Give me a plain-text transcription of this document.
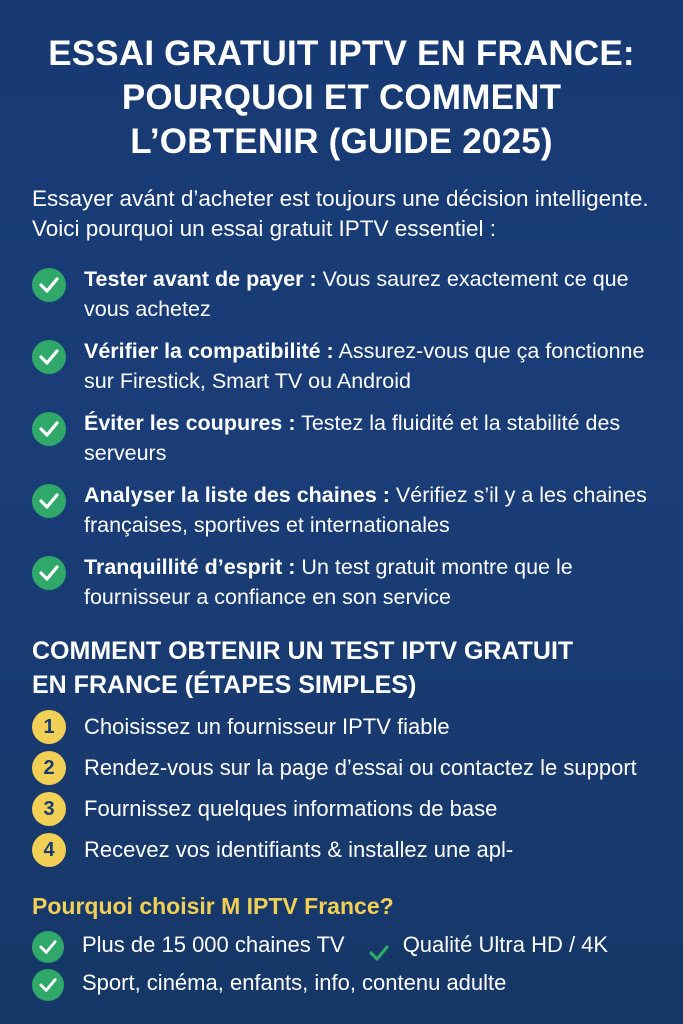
ESSAI GRATUIT IPTV EN FRANCE:
POURQUOI ET COMMENT
L’OBTENIR (GUIDE 2025)

Essayer avánt d’acheter est toujours une décision intelligente. Voici pourquoi un essai gratuit IPTV essentiel :

Tester avant de payer : Vous saurez exactement ce que vous achetez
Vérifier la compatibilité : Assurez-vous que ça fonctionne sur Firestick, Smart TV ou Android
Éviter les coupures : Testez la fluidité et la stabilité des serveurs
Analyser la liste des chaines : Vérifiez s’il y a les chaines françaises, sportives et internationales
Tranquillité d’esprit : Un test gratuit montre que le fournisseur a confiance en son service
COMMENT OBTENIR UN TEST IPTV GRATUIT
EN FRANCE (ÉTAPES SIMPLES)
1	Choisissez un fournisseur IPTV fiable
2	Rendez-vous sur la page d’essai ou contactez le support
3	Fournissez quelques informations de base
4	Recevez vos identifiants & installez une apl-
Pourquoi choisir M IPTV France?
Plus de 15 000 chaines TV	Qualité Ultra HD / 4K
Sport, cinéma, enfants, info, contenu adulte
